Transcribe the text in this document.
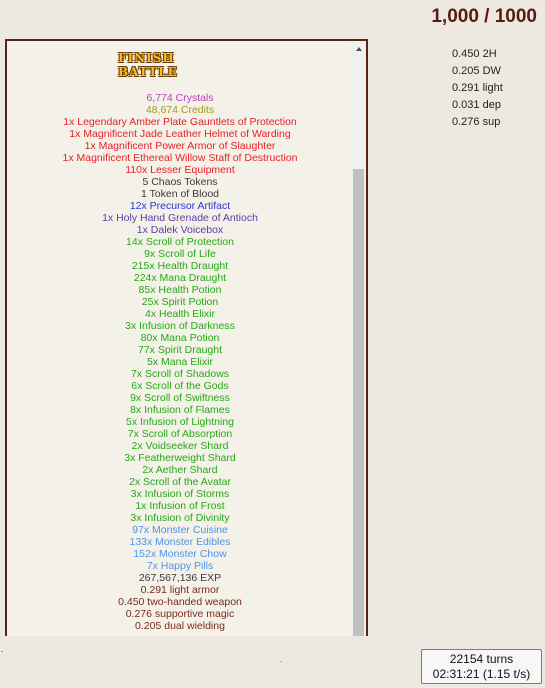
1,000 / 1000
0.450 2H
0.205 DW
0.291 light
0.031 dep
0.276 sup
FINISH BATTLE
6,774 Crystals
48,674 Credits
1x Legendary Amber Plate Gauntlets of Protection
1x Magnificent Jade Leather Helmet of Warding
1x Magnificent Power Armor of Slaughter
1x Magnificent Ethereal Willow Staff of Destruction
110x Lesser Equipment
5 Chaos Tokens
1 Token of Blood
12x Precursor Artifact
1x Holy Hand Grenade of Antioch
1x Dalek Voicebox
14x Scroll of Protection
9x Scroll of Life
215x Health Draught
224x Mana Draught
85x Health Potion
25x Spirit Potion
4x Health Elixir
3x Infusion of Darkness
80x Mana Potion
77x Spirit Draught
5x Mana Elixir
7x Scroll of Shadows
6x Scroll of the Gods
9x Scroll of Swiftness
8x Infusion of Flames
5x Infusion of Lightning
7x Scroll of Absorption
2x Voidseeker Shard
3x Featherweight Shard
2x Aether Shard
2x Scroll of the Avatar
3x Infusion of Storms
1x Infusion of Frost
3x Infusion of Divinity
97x Monster Cuisine
133x Monster Edibles
152x Monster Chow
7x Happy Pills
267,567,136 EXP
0.291 light armor
0.450 two-handed weapon
0.276 supportive magic
0.205 dual wielding
22154 turns
02:31:21 (1.15 t/s)
